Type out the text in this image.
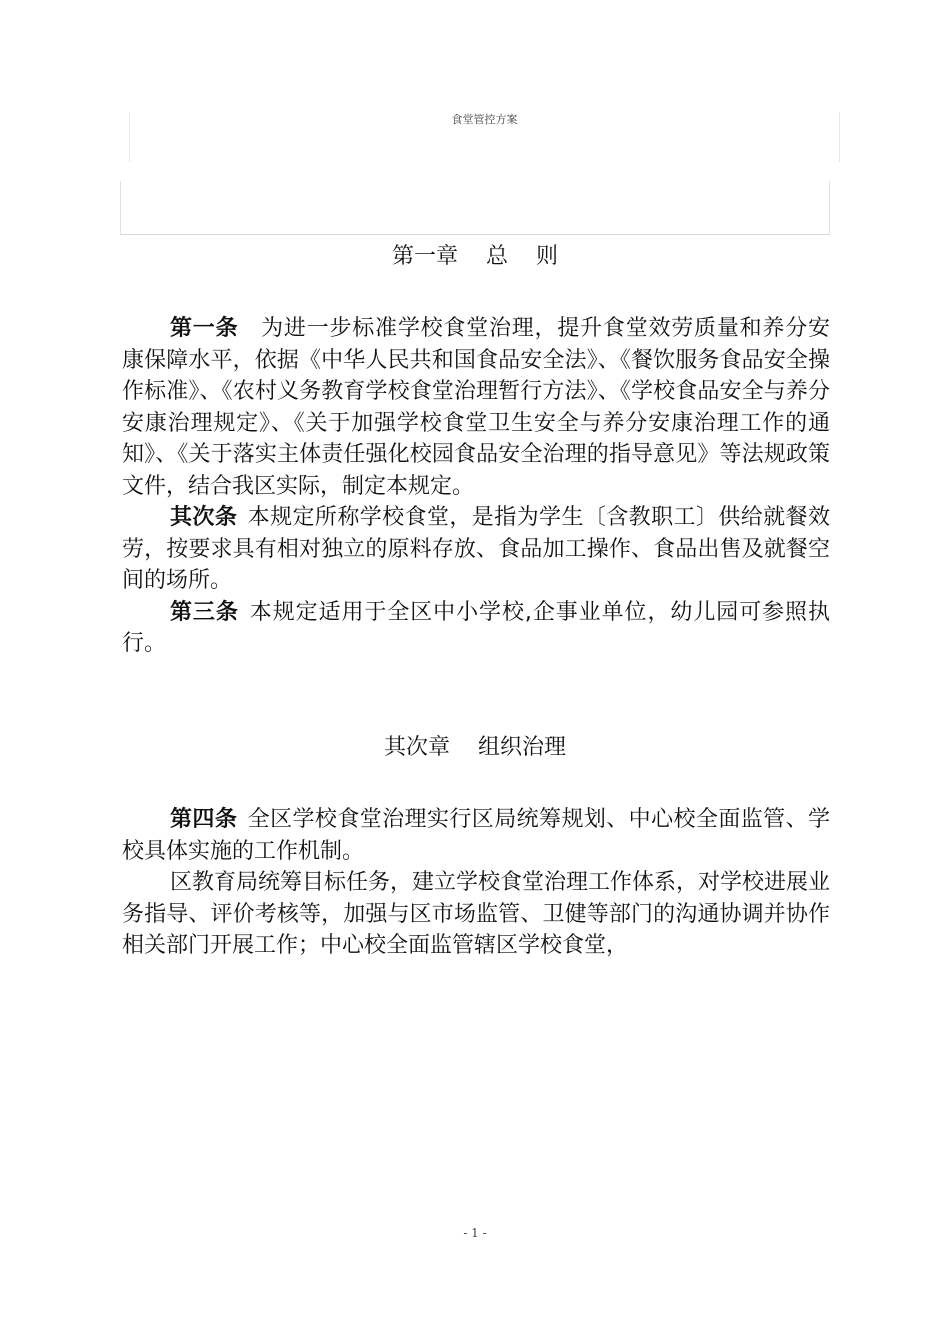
食堂管控方案
第一章    总    则

第一条 为进一步标准学校食堂治理，提升食堂效劳质量和养分安康保障水平，依据《中华人民共和国食品安全法》、《餐饮服务食品安全操作标准》、《农村义务教育学校食堂治理暂行方法》、《学校食品安全与养分安康治理规定》、《关于加强学校食堂卫生安全与养分安康治理工作的通知》、《关于落实主体责任强化校园食品安全治理的指导意见》等法规政策文件，结合我区实际，制定本规定。

其次条 本规定所称学校食堂，是指为学生〔含教职工〕供给就餐效劳，按要求具有相对独立的原料存放、食品加工操作、食品出售及就餐空间的场所。

第三条 本规定适用于全区中小学校,企事业单位，幼儿园可参照执行。

其次章    组织治理

第四条 全区学校食堂治理实行区局统筹规划、中心校全面监管、学校具体实施的工作机制。

区教育局统筹目标任务，建立学校食堂治理工作体系，对学校进展业务指导、评价考核等，加强与区市场监管、卫健等部门的沟通协调并协作相关部门开展工作；中心校全面监管辖区学校食堂，

- 1 -
